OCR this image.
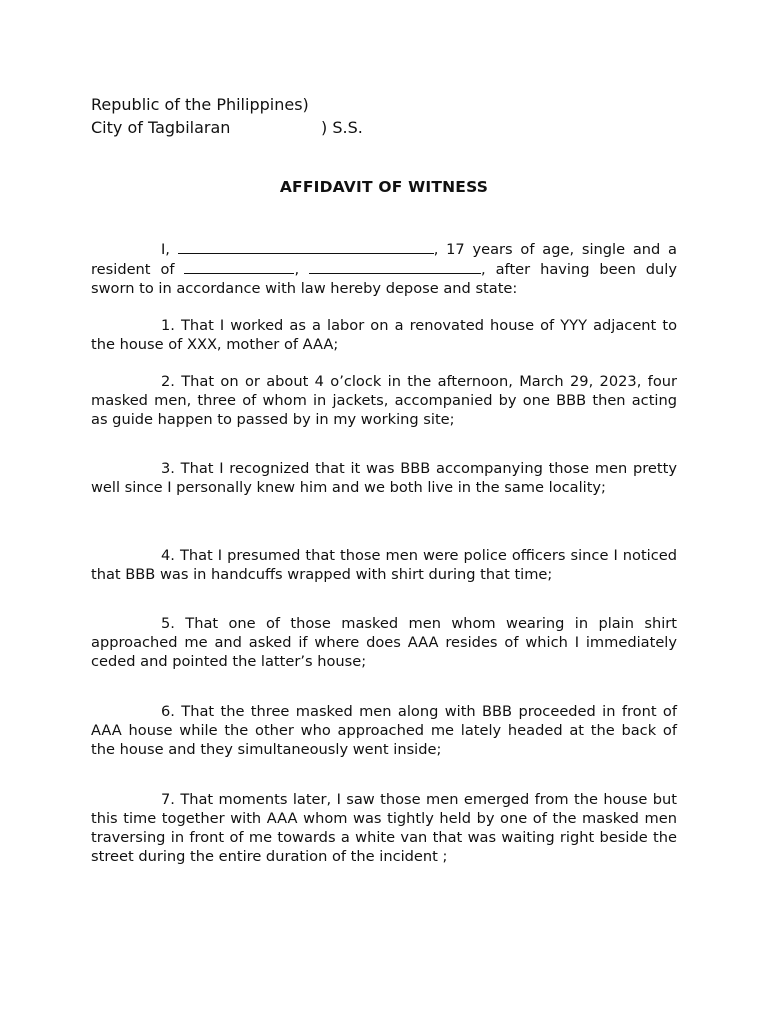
Republic of the Philippines)
City of Tagbilaran	) S.S.
AFFIDAVIT OF WITNESS
I,	, 17 years of age, single and a resident of	,	, after having been duly sworn to in accordance with law hereby depose and state:
1. That I worked as a labor on a renovated house of YYY adjacent to the house of XXX, mother of AAA;
2. That on or about 4 o’clock in the afternoon, March 29, 2023, four masked men, three of whom in jackets, accompanied by one BBB then acting as guide happen to passed by in my working site;
3. That I recognized that it was BBB accompanying those men pretty well since I personally knew him and we both live in the same locality;
4. That I presumed that those men were police officers since I noticed that BBB was in handcuffs wrapped with shirt during that time;
5. That one of those masked men whom wearing in plain shirt approached me and asked if where does AAA resides of which I immediately ceded and pointed the latter’s house;
6. That the three masked men along with BBB proceeded in front of AAA house while the other who approached me lately headed at the back of the house and they simultaneously went inside;
7. That moments later, I saw those men emerged from the house but this time together with AAA whom was tightly held by one of the masked men traversing in front of me towards a white van that was waiting right beside the street during the entire duration of the incident ;
